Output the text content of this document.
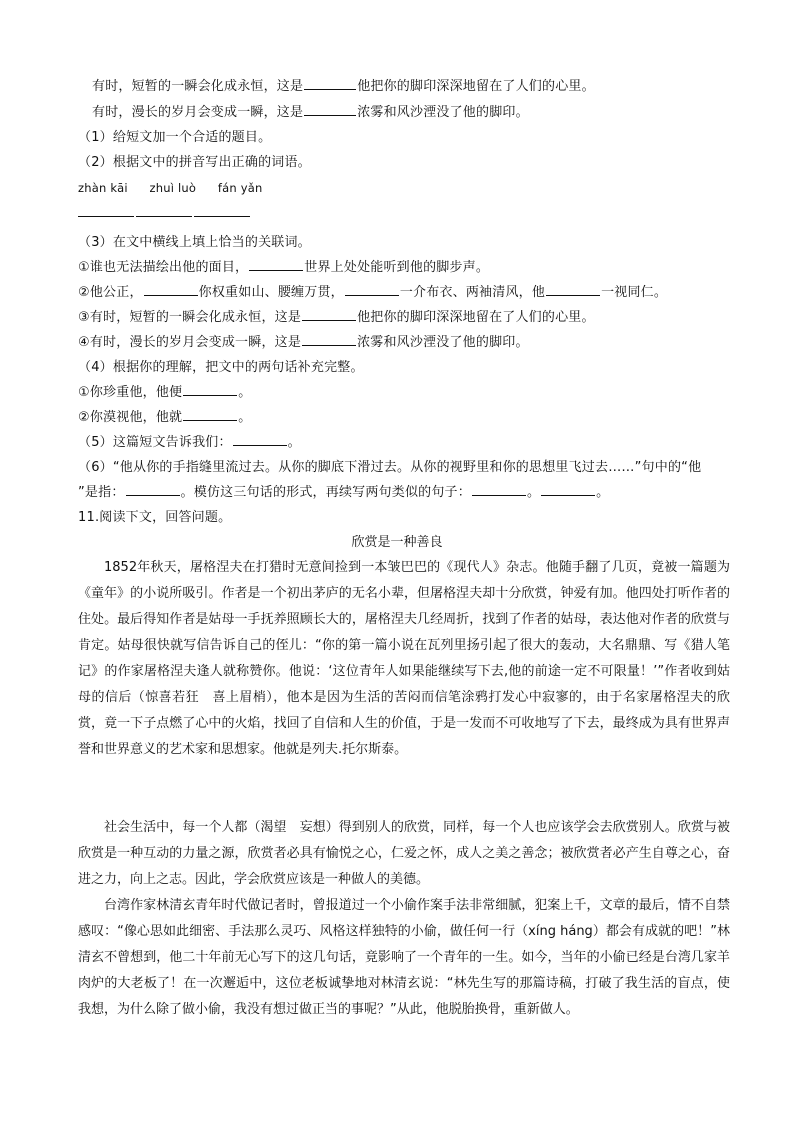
有时，短暂的一瞬会化成永恒，这是	他把你的脚印深深地留在了人们的心里。
有时，漫长的岁月会变成一瞬，这是	浓雾和风沙湮没了他的脚印。
（1）给短文加一个合适的题目。
（2）根据文中的拼音写出正确的词语。
zhàn kāi zhuì luò fán yǎn
（3）在文中横线上填上恰当的关联词。
①谁也无法描绘出他的面目，	世界上处处能听到他的脚步声。
②他公正，	你权重如山、腰缠万贯，	一介布衣、两袖清风，他	一视同仁。
③有时，短暂的一瞬会化成永恒，这是	他把你的脚印深深地留在了人们的心里。
④有时，漫长的岁月会变成一瞬，这是	浓雾和风沙湮没了他的脚印。
（4）根据你的理解，把文中的两句话补充完整。
①你珍重他，他便	。
②你漠视他，他就	。
（5）这篇短文告诉我们：	。
（6）“他从你的手指缝里流过去。从你的脚底下滑过去。从你的视野里和你的思想里飞过去……”句中的“他
”是指：	。模仿这三句话的形式，再续写两句类似的句子：	。	。
11.阅读下文，回答问题。
欣赏是一种善良
1852年秋天，屠格涅夫在打猎时无意间捡到一本皱巴巴的《现代人》杂志。他随手翻了几页，竟被一篇题为《童年》的小说所吸引。作者是一个初出茅庐的无名小辈，但屠格涅夫却十分欣赏，钟爱有加。他四处打听作者的住处。最后得知作者是姑母一手抚养照顾长大的，屠格涅夫几经周折，找到了作者的姑母，表达他对作者的欣赏与肯定。姑母很快就写信告诉自己的侄儿：“你的第一篇小说在瓦列里扬引起了很大的轰动，大名鼎鼎、写《猎人笔记》的作家屠格涅夫逢人就称赞你。他说：‘这位青年人如果能继续写下去,他的前途一定不可限量！’”作者收到姑母的信后（惊喜若狂　喜上眉梢），他本是因为生活的苦闷而信笔涂鸦打发心中寂寥的，由于名家屠格涅夫的欣赏，竟一下子点燃了心中的火焰，找回了自信和人生的价值，于是一发而不可收地写了下去，最终成为具有世界声誉和世界意义的艺术家和思想家。他就是列夫.托尔斯泰。
社会生活中，每一个人都（渴望　妄想）得到别人的欣赏，同样，每一个人也应该学会去欣赏别人。欣赏与被欣赏是一种互动的力量之源，欣赏者必具有愉悦之心，仁爱之怀，成人之美之善念；被欣赏者必产生自尊之心，奋进之力，向上之志。因此，学会欣赏应该是一种做人的美德。
台湾作家林清玄青年时代做记者时，曾报道过一个小偷作案手法非常细腻，犯案上千，文章的最后，情不自禁感叹：“像心思如此细密、手法那么灵巧、风格这样独特的小偷，做任何一行（xíng háng）都会有成就的吧！”林清玄不曾想到，他二十年前无心写下的这几句话，竟影响了一个青年的一生。如今，当年的小偷已经是台湾几家羊肉炉的大老板了！在一次邂逅中，这位老板诚挚地对林清玄说：“林先生写的那篇诗稿，打破了我生活的盲点，使我想，为什么除了做小偷，我没有想过做正当的事呢？”从此，他脱胎换骨，重新做人。
